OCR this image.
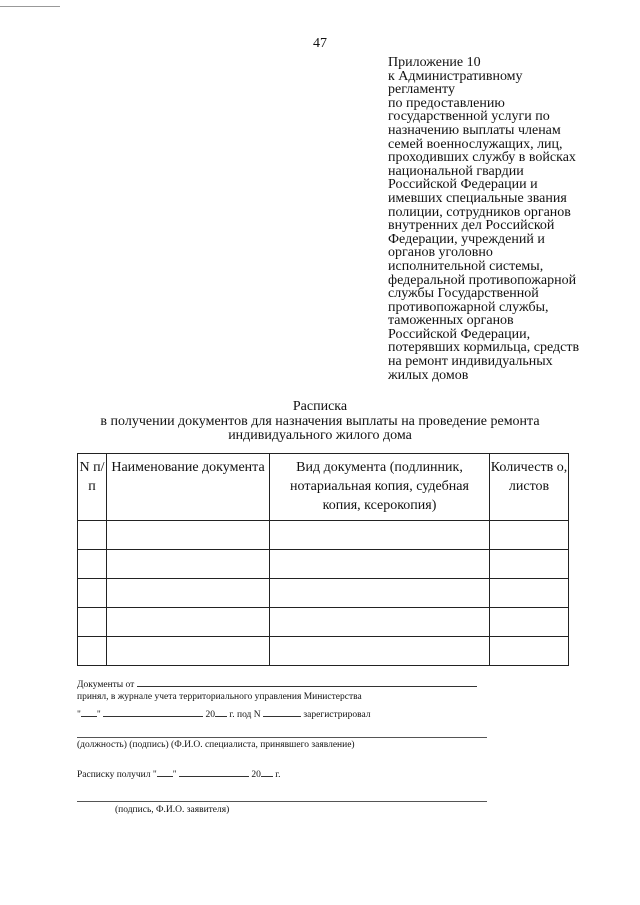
47
Приложение 10
к Административному
регламенту
по предоставлению
государственной услуги по
назначению выплаты членам
семей военнослужащих, лиц,
проходивших службу в войсках
национальной гвардии
Российской Федерации и
имевших специальные звания
полиции, сотрудников органов
внутренних дел Российской
Федерации, учреждений и
органов уголовно
исполнительной системы,
федеральной противопожарной
службы Государственной
противопожарной службы,
таможенных органов
Российской Федерации,
потерявших кормильца, средств
на ремонт индивидуальных
жилых домов
Расписка
в получении документов для назначения выплаты на проведение ремонта
индивидуального жилого дома
N п/п	Наименование документа	Вид документа (подлинник, нотариальная копия, судебная копия, ксерокопия)	Количеств о, листов

Документы от
принял, в журнале учета территориального управления Министерства
" "	20 г. под N	зарегистрировал
(должность) (подпись) (Ф.И.О. специалиста, принявшего заявление)
Расписку получил " "	20 г.
(подпись, Ф.И.О. заявителя)
